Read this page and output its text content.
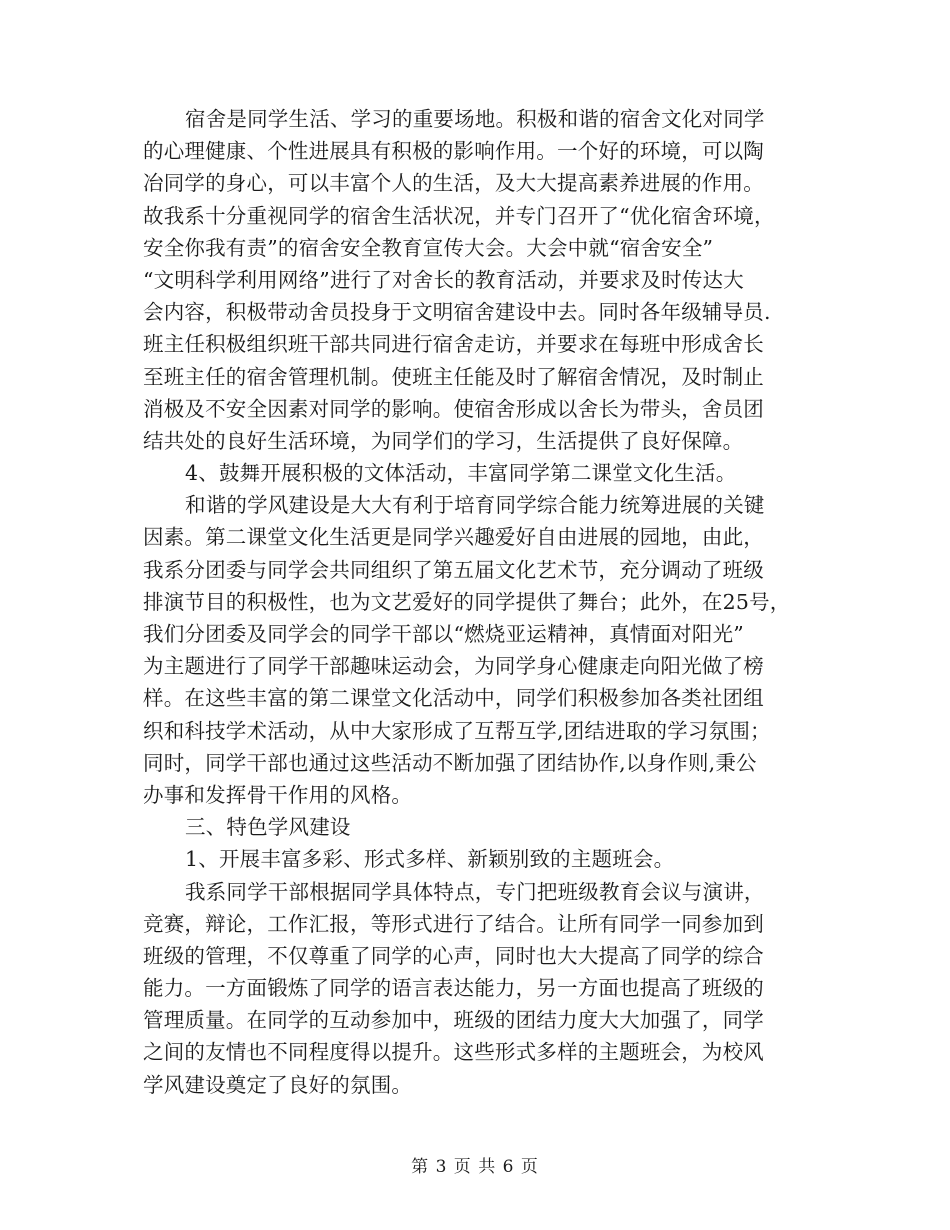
宿舍是同学生活、学习的重要场地。积极和谐的宿舍文化对同学
的心理健康、个性进展具有积极的影响作用。一个好的环境，可以陶
冶同学的身心，可以丰富个人的生活，及大大提高素养进展的作用。
故我系十分重视同学的宿舍生活状况，并专门召开了“优化宿舍环境，
安全你我有责”的宿舍安全教育宣传大会。大会中就“宿舍安全”
“文明科学利用网络”进行了对舍长的教育活动，并要求及时传达大
会内容，积极带动舍员投身于文明宿舍建设中去。同时各年级辅导员.
班主任积极组织班干部共同进行宿舍走访，并要求在每班中形成舍长
至班主任的宿舍管理机制。使班主任能及时了解宿舍情况，及时制止
消极及不安全因素对同学的影响。使宿舍形成以舍长为带头，舍员团
结共处的良好生活环境，为同学们的学习，生活提供了良好保障。
4、鼓舞开展积极的文体活动，丰富同学第二课堂文化生活。
和谐的学风建设是大大有利于培育同学综合能力统筹进展的关键
因素。第二课堂文化生活更是同学兴趣爱好自由进展的园地，由此，
我系分团委与同学会共同组织了第五届文化艺术节，充分调动了班级
排演节目的积极性，也为文艺爱好的同学提供了舞台；此外，在25号，
我们分团委及同学会的同学干部以“燃烧亚运精神，真情面对阳光”
为主题进行了同学干部趣味运动会，为同学身心健康走向阳光做了榜
样。在这些丰富的第二课堂文化活动中，同学们积极参加各类社团组
织和科技学术活动，从中大家形成了互帮互学,团结进取的学习氛围；
同时，同学干部也通过这些活动不断加强了团结协作,以身作则,秉公
办事和发挥骨干作用的风格。
三、特色学风建设
1、开展丰富多彩、形式多样、新颖别致的主题班会。
我系同学干部根据同学具体特点，专门把班级教育会议与演讲，
竞赛，辩论，工作汇报，等形式进行了结合。让所有同学一同参加到
班级的管理，不仅尊重了同学的心声，同时也大大提高了同学的综合
能力。一方面锻炼了同学的语言表达能力，另一方面也提高了班级的
管理质量。在同学的互动参加中，班级的团结力度大大加强了，同学
之间的友情也不同程度得以提升。这些形式多样的主题班会，为校风
学风建设奠定了良好的氛围。
第 3 页 共 6 页
